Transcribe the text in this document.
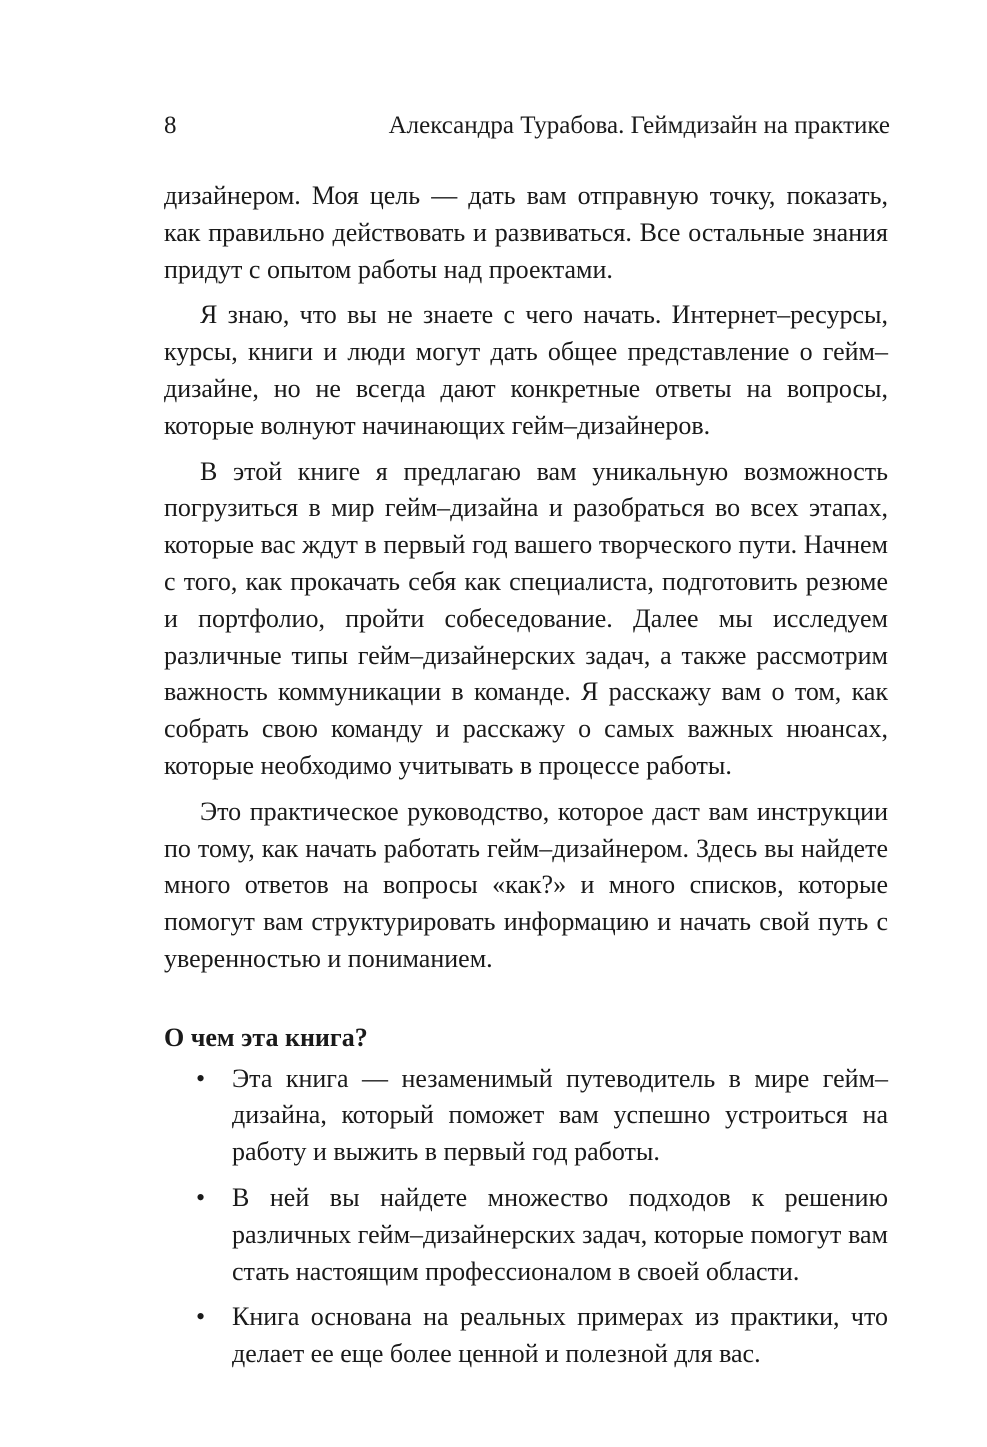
8	Александра Турабова. Геймдизайн на практике

дизайнером. Моя цель — дать вам отправную точку, показать, как правильно действовать и развиваться. Все остальные знания придут с опытом работы над проектами.

Я знаю, что вы не знаете с чего начать. Интернет–ресурсы, курсы, книги и люди могут дать общее представление о гейм–дизайне, но не всегда дают конкретные ответы на вопросы, которые волнуют начинающих гейм–дизайнеров.

В этой книге я предлагаю вам уникальную возможность погрузиться в мир гейм–дизайна и разобраться во всех этапах, которые вас ждут в первый год вашего творческого пути. Начнем с того, как прокачать себя как специалиста, подготовить резюме и портфолио, пройти собеседование. Далее мы исследуем различные типы гейм–дизайнерских задач, а также рассмотрим важность коммуникации в команде. Я расскажу вам о том, как собрать свою команду и расскажу о самых важных нюансах, которые необходимо учитывать в процессе работы.

Это практическое руководство, которое даст вам инструкции по тому, как начать работать гейм–дизайнером. Здесь вы найдете много ответов на вопросы «как?» и много списков, которые помогут вам структурировать информацию и начать свой путь с уверенностью и пониманием.

О чем эта книга?
• Эта книга — незаменимый путеводитель в мире гейм–дизайна, который поможет вам успешно устроиться на работу и выжить в первый год работы.
• В ней вы найдете множество подходов к решению различных гейм–дизайнерских задач, которые помогут вам стать настоящим профессионалом в своей области.
• Книга основана на реальных примерах из практики, что делает ее еще более ценной и полезной для вас.
